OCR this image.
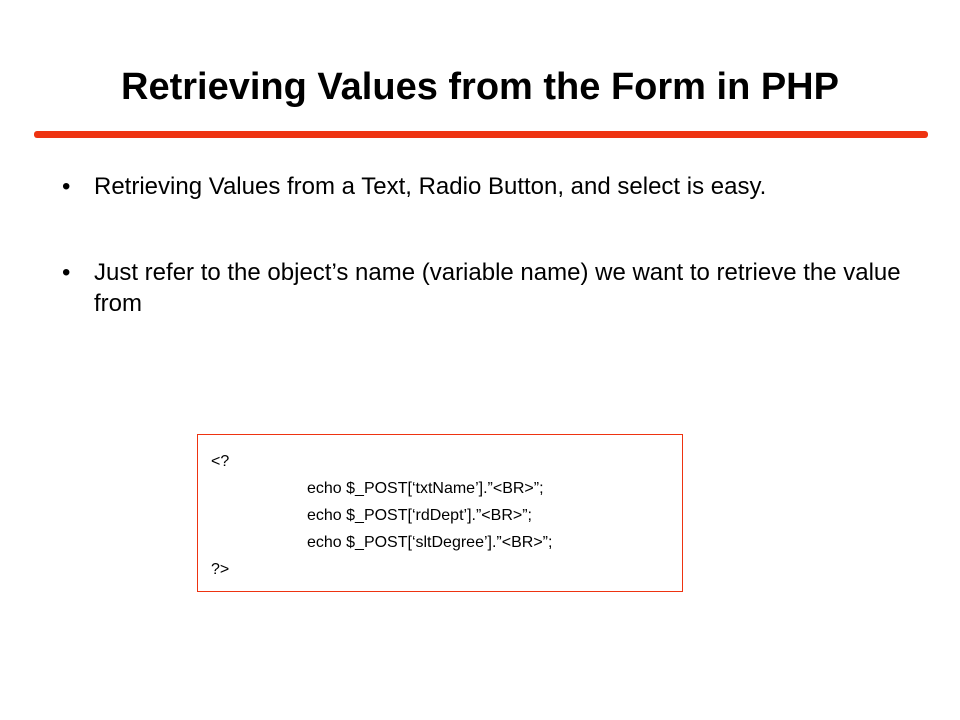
Retrieving Values from the Form in PHP
• Retrieving Values from a Text, Radio Button, and select is easy.
• Just refer to the object’s name (variable name) we want to retrieve the value from
<?
echo $_POST[‘txtName’].”<BR>”;
echo $_POST[‘rdDept’].”<BR>”;
echo $_POST[‘sltDegree’].”<BR>”;
?>
